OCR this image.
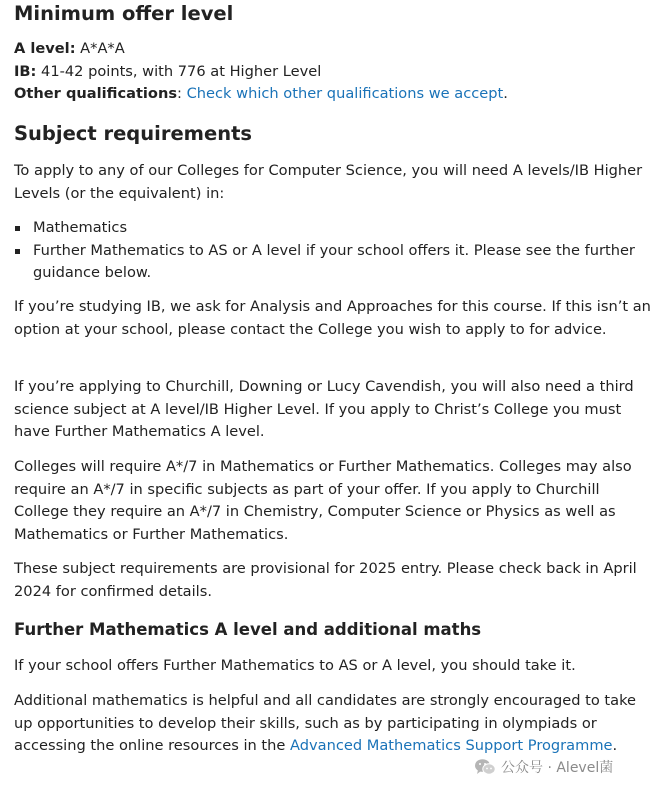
Minimum offer level

A level: A*A*A

IB: 41-42 points, with 776 at Higher Level

Other qualifications: Check which other qualifications we accept.

Subject requirements

To apply to any of our Colleges for Computer Science, you will need A levels/IB Higher Levels (or the equivalent) in:

Mathematics
Further Mathematics to AS or A level if your school offers it. Please see the further guidance below.

If you’re studying IB, we ask for Analysis and Approaches for this course. If this isn’t an option at your school, please contact the College you wish to apply to for advice.

If you’re applying to Churchill, Downing or Lucy Cavendish, you will also need a third science subject at A level/IB Higher Level. If you apply to Christ’s College you must have Further Mathematics A level.

Colleges will require A*/7 in Mathematics or Further Mathematics. Colleges may also require an A*/7 in specific subjects as part of your offer. If you apply to Churchill College they require an A*/7 in Chemistry, Computer Science or Physics as well as Mathematics or Further Mathematics.

These subject requirements are provisional for 2025 entry. Please check back in April 2024 for confirmed details.

Further Mathematics A level and additional maths

If your school offers Further Mathematics to AS or A level, you should take it.

Additional mathematics is helpful and all candidates are strongly encouraged to take up opportunities to develop their skills, such as by participating in olympiads or accessing the online resources in the Advanced Mathematics Support Programme.

公众号 · Alevel菌
